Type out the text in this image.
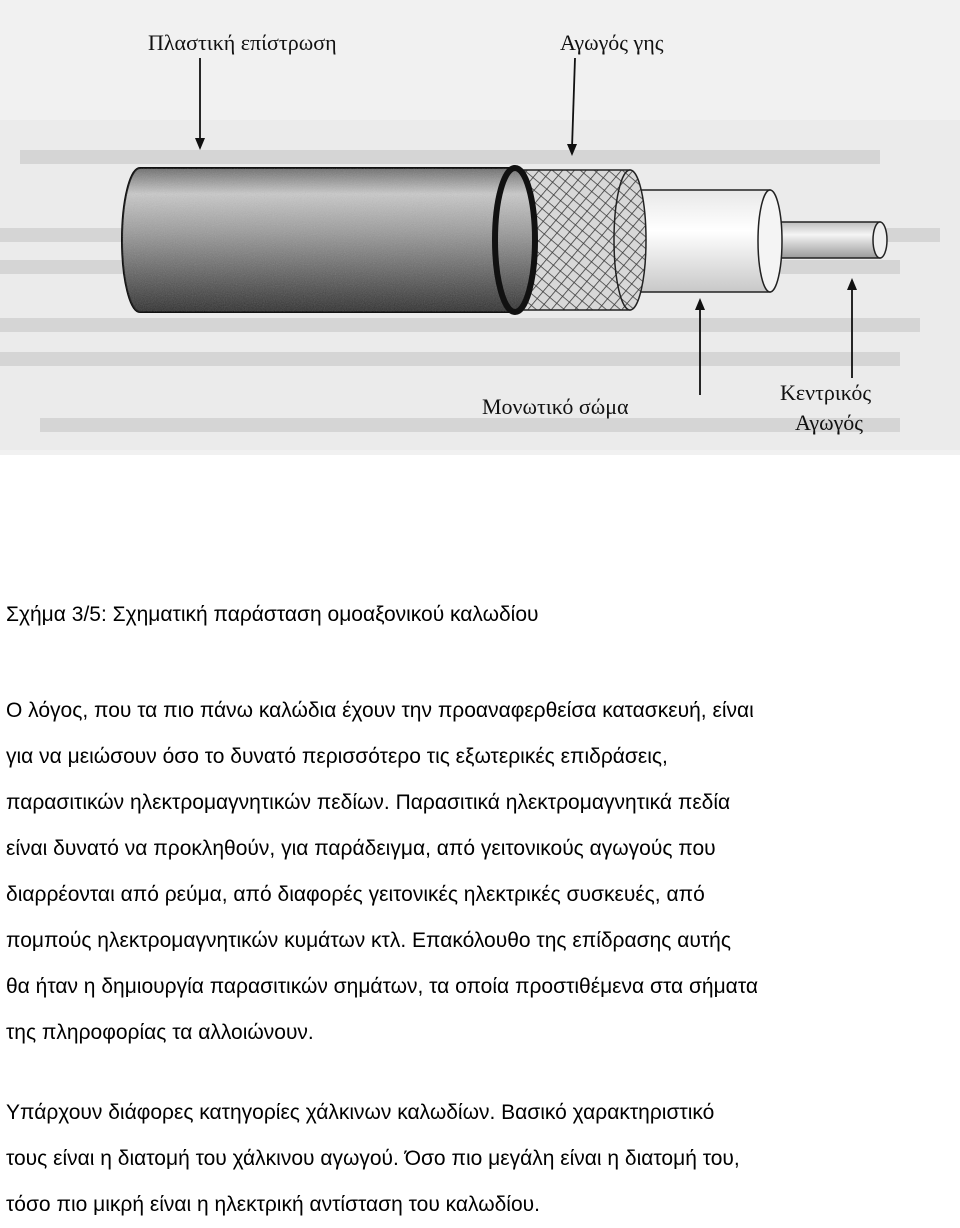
Πλαστική επίστρωση	Αγωγός γης
Μονωτικό σώμα
Κεντρικός
Αγωγός
Σχήμα 3/5: Σχηματική παράσταση ομοαξονικού καλωδίου
Ο λόγος, που τα πιο πάνω καλώδια έχουν την προαναφερθείσα κατασκευή, είναι
για να μειώσουν όσο το δυνατό περισσότερο τις εξωτερικές επιδράσεις,
παρασιτικών ηλεκτρομαγνητικών πεδίων. Παρασιτικά ηλεκτρομαγνητικά πεδία
είναι δυνατό να προκληθούν, για παράδειγμα, από γειτονικούς αγωγούς που
διαρρέονται από ρεύμα, από διαφορές γειτονικές ηλεκτρικές συσκευές, από
πομπούς ηλεκτρομαγνητικών κυμάτων κτλ. Επακόλουθο της επίδρασης αυτής
θα ήταν η δημιουργία παρασιτικών σημάτων, τα οποία προστιθέμενα στα σήματα
της πληροφορίας τα αλλοιώνουν.
Υπάρχουν διάφορες κατηγορίες χάλκινων καλωδίων. Βασικό χαρακτηριστικό
τους είναι η διατομή του χάλκινου αγωγού. Όσο πιο μεγάλη είναι η διατομή του,
τόσο πιο μικρή είναι η ηλεκτρική αντίσταση του καλωδίου.
